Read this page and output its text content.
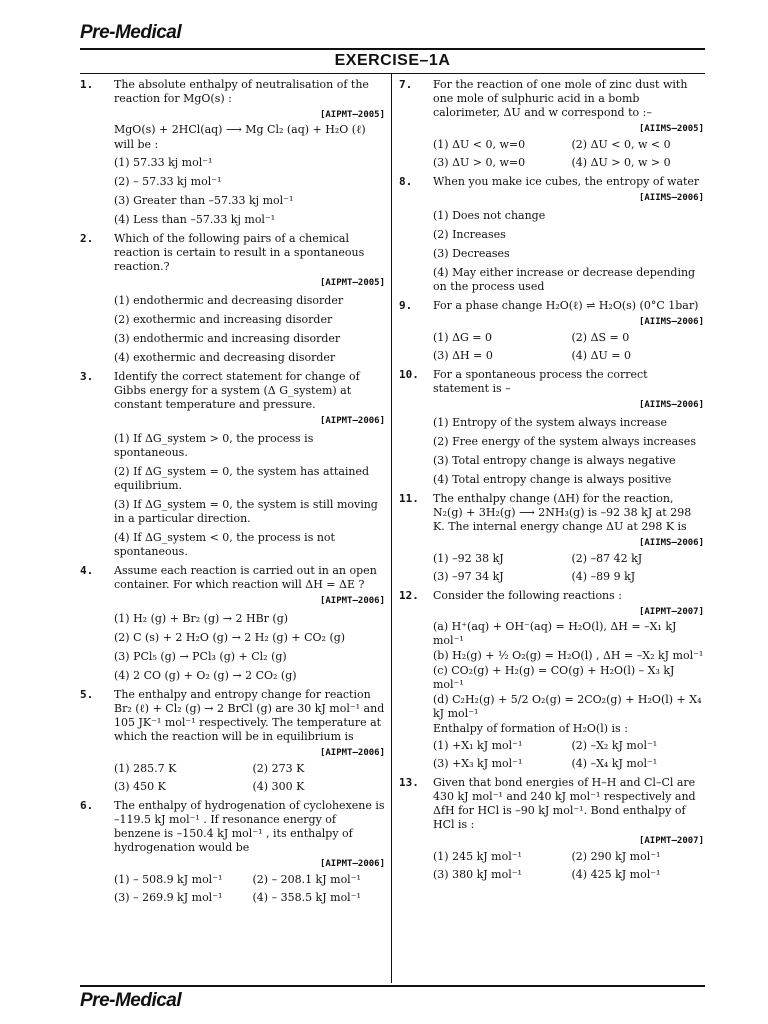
Pre-Medical
EXERCISE–1A
1. The absolute enthalpy of neutralisation of the reaction for MgO(s) :
[AIPMT–2005]
MgO(s) + 2HCl(aq) ⟶ Mg Cl₂ (aq) + H₂O (ℓ)
will be :
(1) 57.33 kj mol⁻¹
(2) – 57.33 kj mol⁻¹
(3) Greater than –57.33 kj mol⁻¹
(4) Less than –57.33 kj mol⁻¹
2. Which of the following pairs of a chemical reaction is certain to result in a spontaneous reaction.?
[AIPMT–2005]
(1) endothermic and decreasing disorder
(2) exothermic and increasing disorder
(3) endothermic and increasing disorder
(4) exothermic and decreasing disorder
3. Identify the correct statement for change of Gibbs energy for a system (Δ G_system) at constant temperature and pressure.
[AIPMT–2006]
(1) If ΔG_system > 0, the process is spontaneous.
(2) If ΔG_system = 0, the system has attained equilibrium.
(3) If ΔG_system = 0, the system is still moving in a particular direction.
(4) If ΔG_system < 0, the process is not spontaneous.
4. Assume each reaction is carried out in an open container. For which reaction will ΔH = ΔE ?
[AIPMT–2006]
(1) H₂ (g) + Br₂ (g) → 2 HBr (g)
(2) C (s) + 2 H₂O (g) → 2 H₂ (g) + CO₂ (g)
(3) PCl₅ (g) → PCl₃ (g) + Cl₂ (g)
(4) 2 CO (g) + O₂ (g) → 2 CO₂ (g)
5. The enthalpy and entropy change for reaction Br₂ (ℓ) + Cl₂ (g) → 2 BrCl (g) are 30 kJ mol⁻¹ and 105 JK⁻¹ mol⁻¹ respectively. The temperature at which the reaction will be in equilibrium is
[AIPMT–2006]
(1) 285.7 K	(2) 273 K
(3) 450 K	(4) 300 K
6. The enthalpy of hydrogenation of cyclohexene is –119.5 kJ mol⁻¹ . If resonance energy of benzene is –150.4 kJ mol⁻¹ , its enthalpy of hydrogenation would be
[AIPMT–2006]
(1) – 508.9 kJ mol⁻¹	(2) – 208.1 kJ mol⁻¹
(3) – 269.9 kJ mol⁻¹	(4) – 358.5 kJ mol⁻¹
7. For the reaction of one mole of zinc dust with one mole of sulphuric acid in a bomb calorimeter, ΔU and w correspond to :–
[AIIMS–2005]
(1) ΔU < 0, w=0	(2) ΔU < 0, w < 0
(3) ΔU > 0, w=0	(4) ΔU > 0, w > 0
8. When you make ice cubes, the entropy of water
[AIIMS–2006]
(1) Does not change
(2) Increases
(3) Decreases
(4) May either increase or decrease depending on the process used
9. For a phase change H₂O(ℓ) ⇌ H₂O(s) (0°C 1bar)
[AIIMS–2006]
(1) ΔG = 0	(2) ΔS = 0
(3) ΔH = 0	(4) ΔU = 0
10. For a spontaneous process the correct statement is –
[AIIMS–2006]
(1) Entropy of the system always increase
(2) Free energy of the system always increases
(3) Total entropy change is always negative
(4) Total entropy change is always positive
11. The enthalpy change (ΔH) for the reaction, N₂(g) + 3H₂(g) ⟶ 2NH₃(g) is –92 38 kJ at 298 K. The internal energy change ΔU at 298 K is
[AIIMS–2006]
(1) –92 38 kJ	(2) –87 42 kJ
(3) –97 34 kJ	(4) –89 9 kJ
12. Consider the following reactions :
[AIPMT–2007]
(a) H⁺(aq) + OH⁻(aq) = H₂O(l), ΔH = –X₁ kJ mol⁻¹
(b) H₂(g) + ½ O₂(g) = H₂O(l) , ΔH = –X₂ kJ mol⁻¹
(c) CO₂(g) + H₂(g) = CO(g) + H₂O(l) – X₃ kJ mol⁻¹
(d) C₂H₂(g) + 5/2 O₂(g) = 2CO₂(g) + H₂O(l) + X₄ kJ mol⁻¹
Enthalpy of formation of H₂O(l) is :
(1) +X₁ kJ mol⁻¹	(2) –X₂ kJ mol⁻¹
(3) +X₃ kJ mol⁻¹	(4) –X₄ kJ mol⁻¹
13. Given that bond energies of H–H and Cl–Cl are 430 kJ mol⁻¹ and 240 kJ mol⁻¹ respectively and ΔfH for HCl is –90 kJ mol⁻¹. Bond enthalpy of HCl is :
[AIPMT–2007]
(1) 245 kJ mol⁻¹	(2) 290 kJ mol⁻¹
(3) 380 kJ mol⁻¹	(4) 425 kJ mol⁻¹
Pre-Medical
